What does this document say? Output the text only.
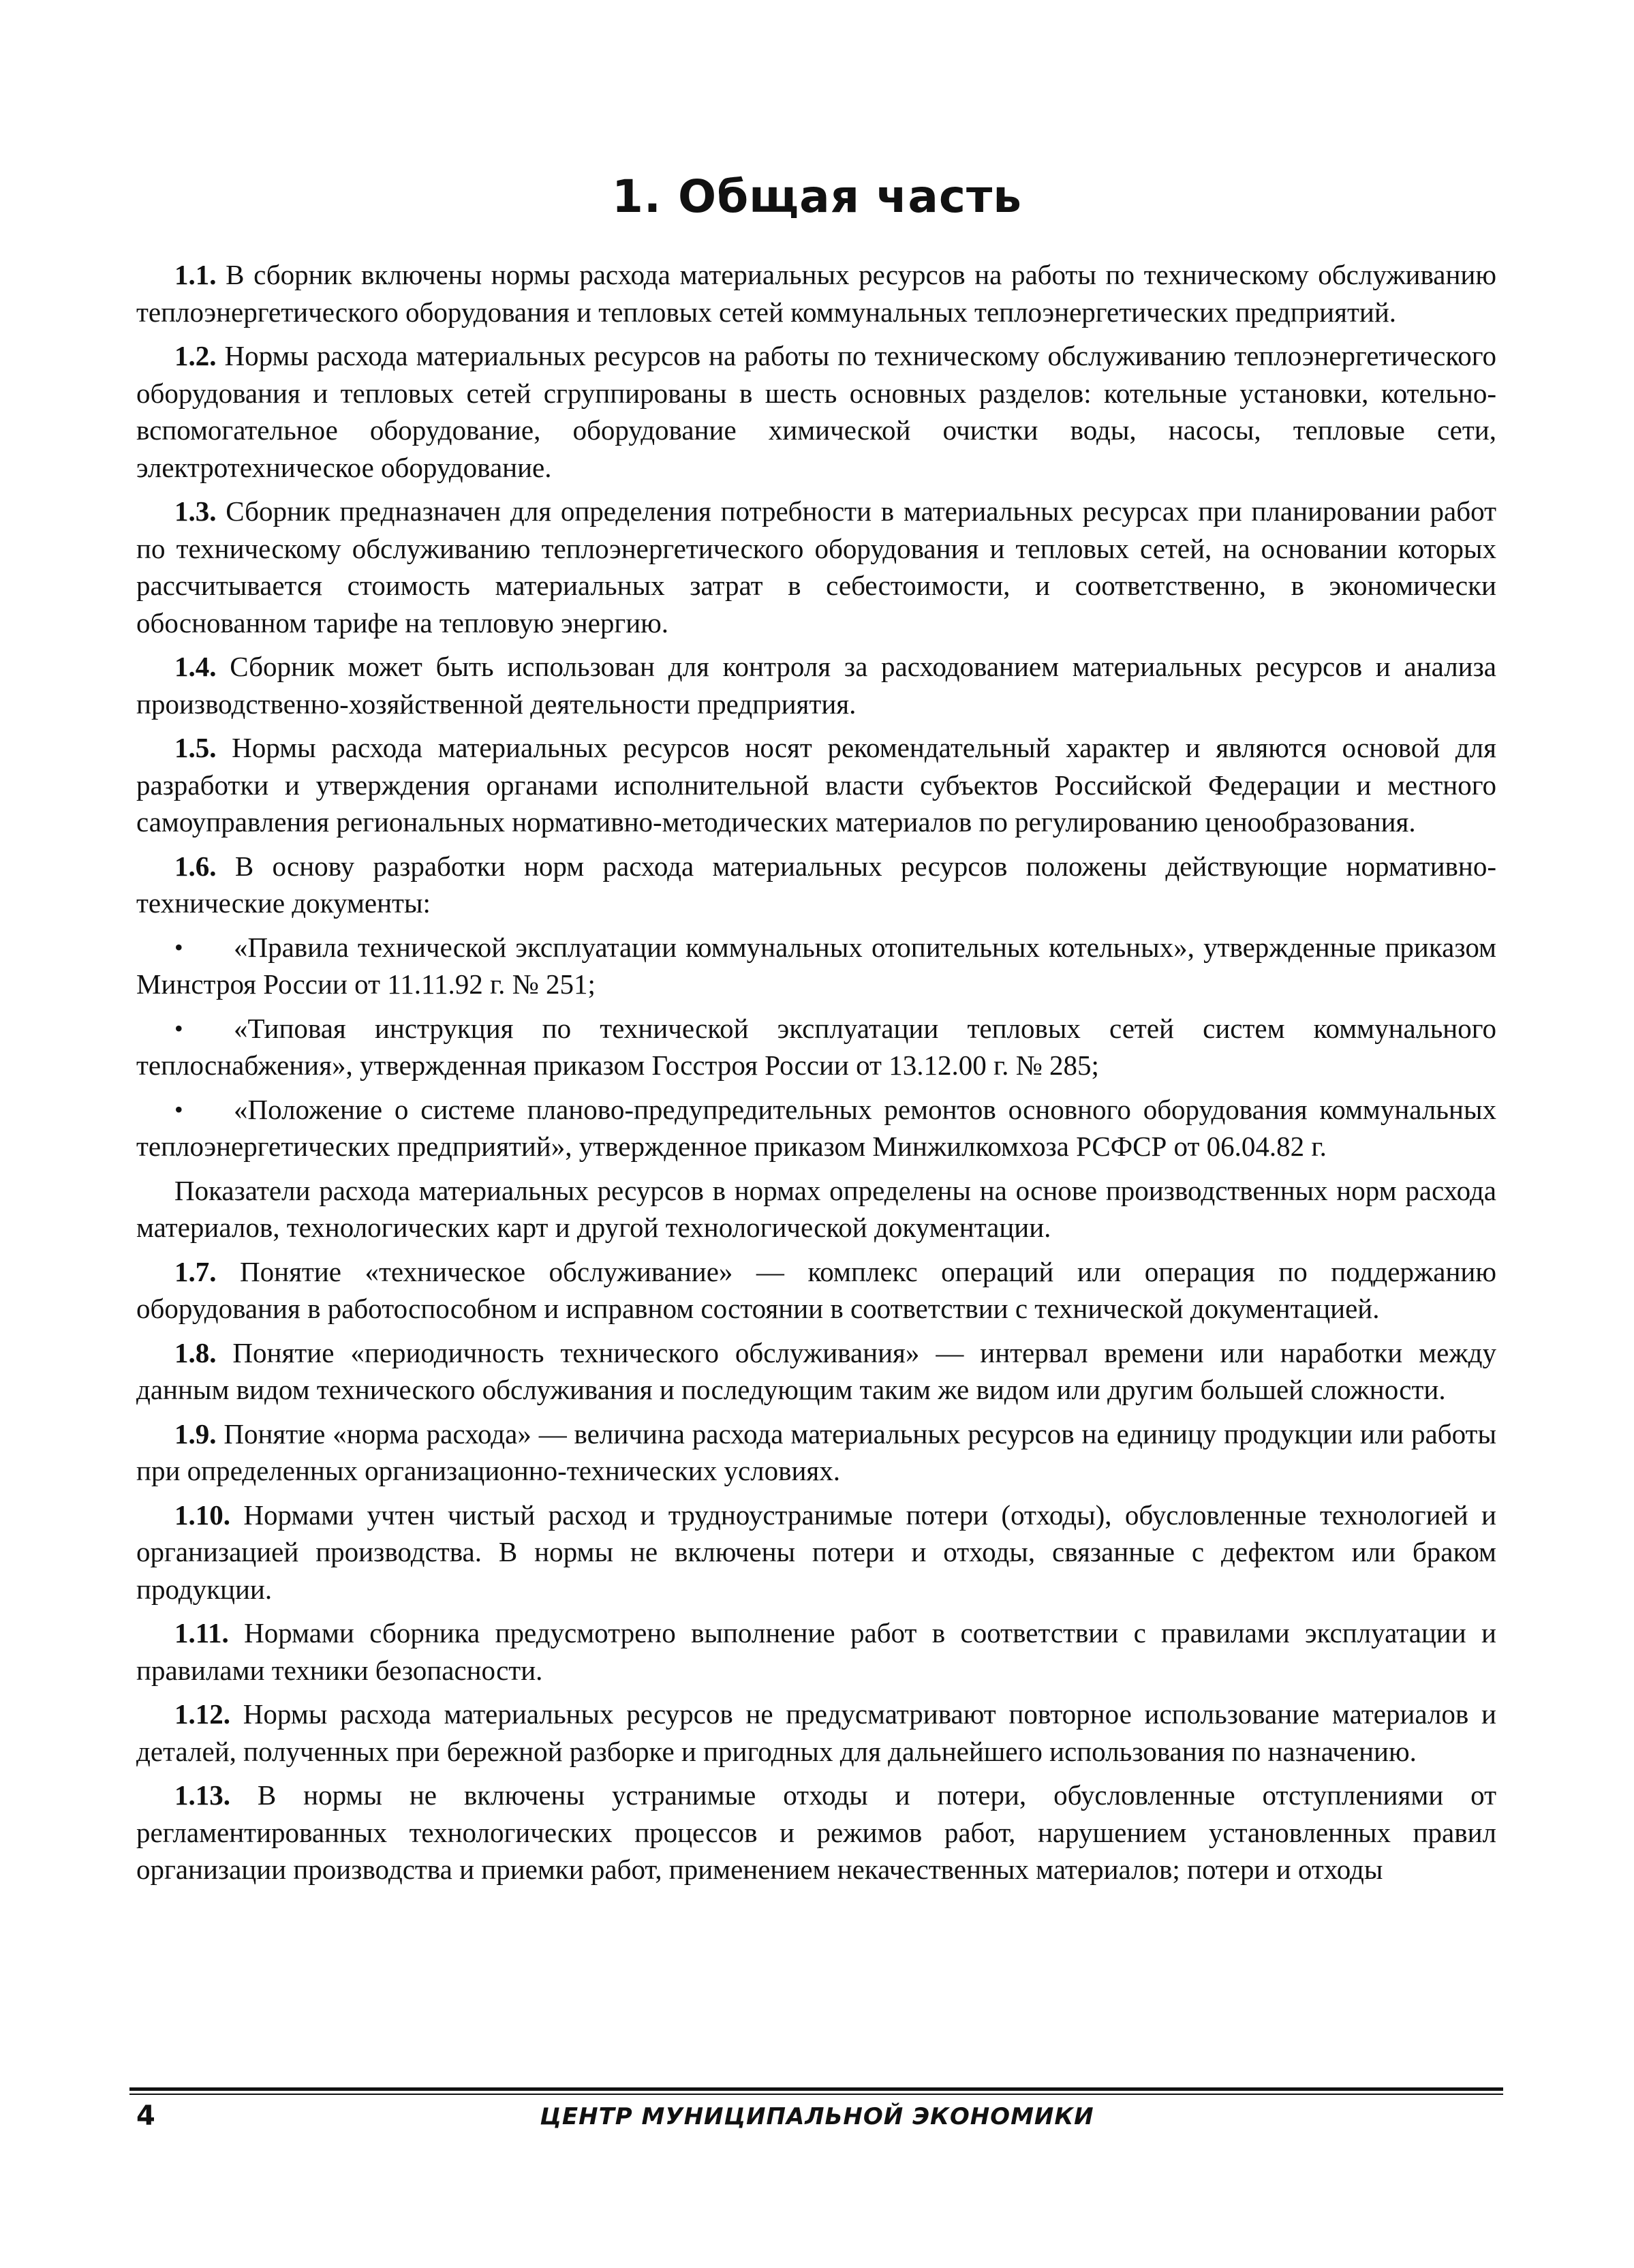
1. Общая часть

1.1. В сборник включены нормы расхода материальных ресурсов на работы по техническому обслуживанию теплоэнергетического оборудования и тепловых сетей коммунальных теплоэнергетических предприятий.

1.2. Нормы расхода материальных ресурсов на работы по техническому обслуживанию теплоэнергетического оборудования и тепловых сетей сгруппированы в шесть основных разделов: котельные установки, котельно-вспомогательное оборудование, оборудование химической очистки воды, насосы, тепловые сети, электротехническое оборудование.

1.3. Сборник предназначен для определения потребности в материальных ресурсах при планировании работ по техническому обслуживанию теплоэнергетического оборудования и тепловых сетей, на основании которых рассчитывается стоимость материальных затрат в себестоимости, и соответственно, в экономически обоснованном тарифе на тепловую энергию.

1.4. Сборник может быть использован для контроля за расходованием материальных ресурсов и анализа производственно-хозяйственной деятельности предприятия.

1.5. Нормы расхода материальных ресурсов носят рекомендательный характер и являются основой для разработки и утверждения органами исполнительной власти субъектов Российской Федерации и местного самоуправления региональных нормативно-методических материалов по регулированию ценообразования.

1.6. В основу разработки норм расхода материальных ресурсов положены действующие нормативно-технические документы:

• «Правила технической эксплуатации коммунальных отопительных котельных», утвержденные приказом Минстроя России от 11.11.92 г. № 251;

• «Типовая инструкция по технической эксплуатации тепловых сетей систем коммунального теплоснабжения», утвержденная приказом Госстроя России от 13.12.00 г. № 285;

• «Положение о системе планово-предупредительных ремонтов основного оборудования коммунальных теплоэнергетических предприятий», утвержденное приказом Минжилкомхоза РСФСР от 06.04.82 г.

Показатели расхода материальных ресурсов в нормах определены на основе производственных норм расхода материалов, технологических карт и другой технологической документации.

1.7. Понятие «техническое обслуживание» — комплекс операций или операция по поддержанию оборудования в работоспособном и исправном состоянии в соответствии с технической документацией.

1.8. Понятие «периодичность технического обслуживания» — интервал времени или наработки между данным видом технического обслуживания и последующим таким же видом или другим большей сложности.

1.9. Понятие «норма расхода» — величина расхода материальных ресурсов на единицу продукции или работы при определенных организационно-технических условиях.

1.10. Нормами учтен чистый расход и трудноустранимые потери (отходы), обусловленные технологией и организацией производства. В нормы не включены потери и отходы, связанные с дефектом или браком продукции.

1.11. Нормами сборника предусмотрено выполнение работ в соответствии с правилами эксплуатации и правилами техники безопасности.

1.12. Нормы расхода материальных ресурсов не предусматривают повторное использование материалов и деталей, полученных при бережной разборке и пригодных для дальнейшего использования по назначению.

1.13. В нормы не включены устранимые отходы и потери, обусловленные отступлениями от регламентированных технологических процессов и режимов работ, нарушением установленных правил организации производства и приемки работ, применением некачественных материалов; потери и отходы

4	ЦЕНТР МУНИЦИПАЛЬНОЙ ЭКОНОМИКИ
